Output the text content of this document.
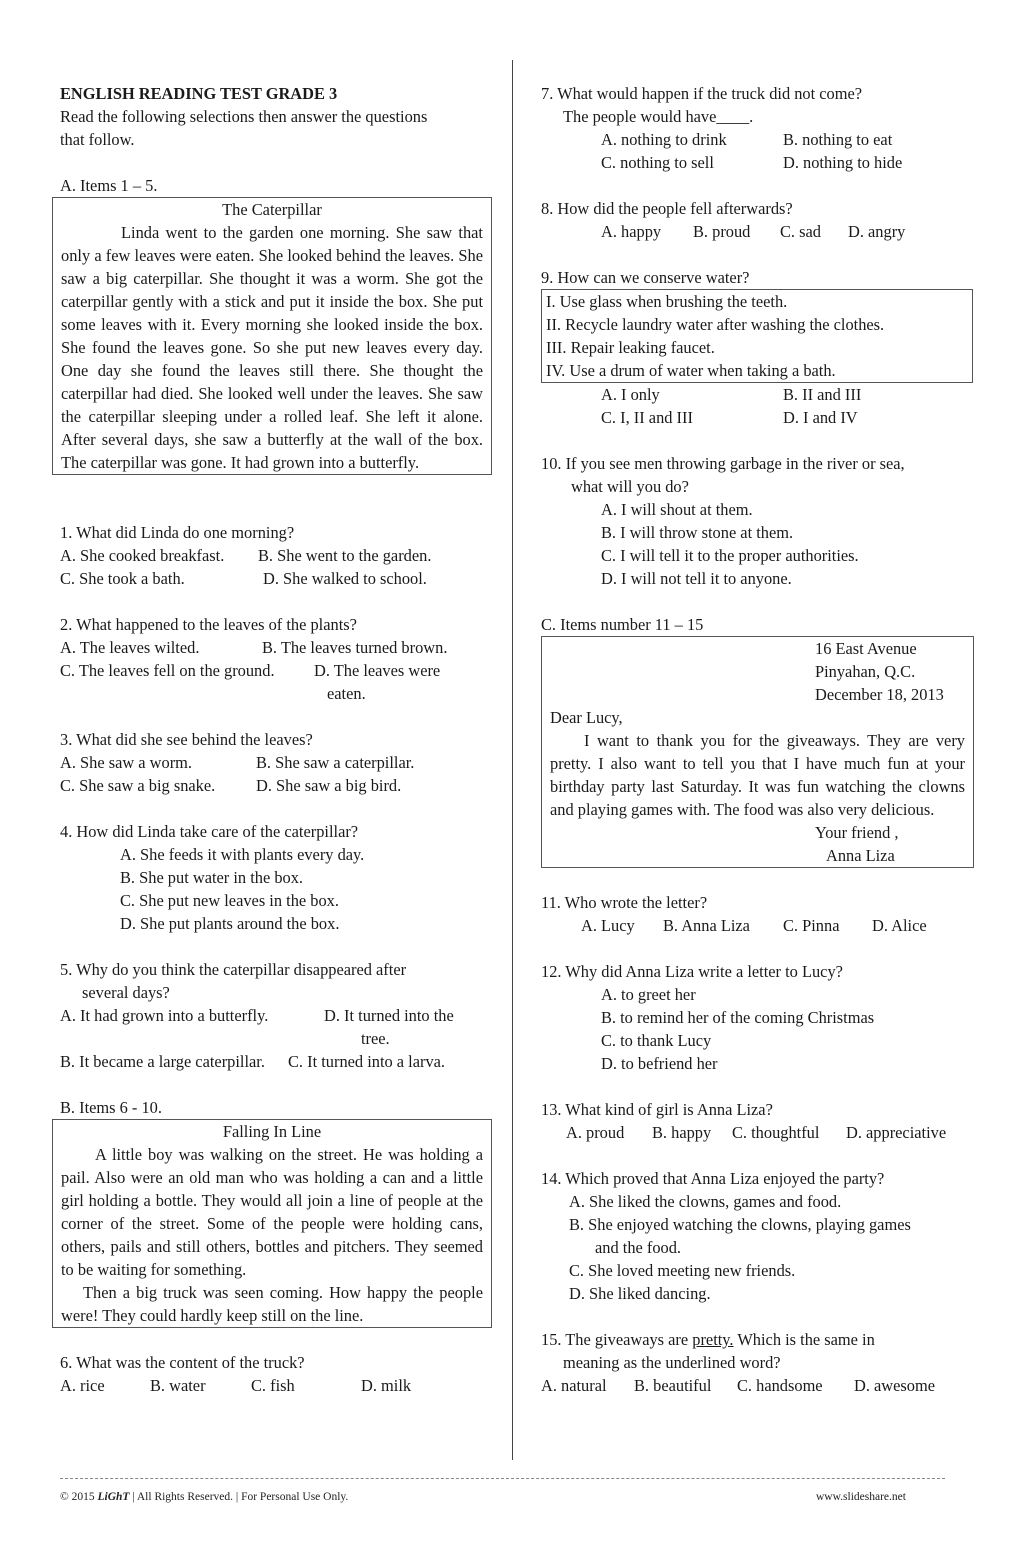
ENGLISH READING TEST GRADE 3
Read the following selections then answer the questions
that follow.
A. Items 1 – 5.
The Caterpillar
Linda went to the garden one morning. She saw that only a few leaves were eaten. She looked behind the leaves. She saw a big caterpillar. She thought it was a worm. She got the caterpillar gently with a stick and put it inside the box. She put some leaves with it. Every morning she looked inside the box. She found the leaves gone. So she put new leaves every day. One day she found the leaves still there. She thought the caterpillar had died. She looked well under the leaves. She saw the caterpillar sleeping under a rolled leaf. She left it alone. After several days, she saw a butterfly at the wall of the box. The caterpillar was gone. It had grown into a butterfly.
1. What did Linda do one morning?
A. She cooked breakfast.	B. She went to the garden.
C. She took a bath.	D. She walked to school.
2. What happened to the leaves of the plants?
A. The leaves wilted.	B. The leaves turned brown.
C. The leaves fell on the ground.	D. The leaves were
eaten.
3. What did she see behind the leaves?
A. She saw a worm.	B. She saw a caterpillar.
C. She saw a big snake.	D. She saw a big bird.
4. How did Linda take care of the caterpillar?
A. She feeds it with plants every day.
B. She put water in the box.
C. She put new leaves in the box.
D. She put plants around the box.
5. Why do you think the caterpillar disappeared after
several days?
A. It had grown into a butterfly.	D. It turned into the
tree.
B. It became a large caterpillar.	C. It turned into a larva.
B. Items 6 - 10.
Falling In Line
A little boy was walking on the street. He was holding a pail. Also were an old man who was holding a can and a little girl holding a bottle. They would all join a line of people at the corner of the street. Some of the people were holding cans, others, pails and still others, bottles and pitchers. They seemed to be waiting for something.
Then a big truck was seen coming. How happy the people were! They could hardly keep still on the line.
6. What was the content of the truck?
A. rice	B. water	C. fish	D. milk
7. What would happen if the truck did not come?
The people would have____.
A. nothing to drink	B. nothing to eat
C. nothing to sell	D. nothing to hide
8. How did the people fell afterwards?
A. happy	B. proud	C. sad	D. angry
9. How can we conserve water?
I. Use glass when brushing the teeth.
II. Recycle laundry water after washing the clothes.
III. Repair leaking faucet.
IV. Use a drum of water when taking a bath.
A. I only	B. II and III
C. I, II and III	D. I and IV
10. If you see men throwing garbage in the river or sea,
what will you do?
A. I will shout at them.
B. I will throw stone at them.
C. I will tell it to the proper authorities.
D. I will not tell it to anyone.
C. Items number 11 – 15
16 East Avenue
Pinyahan, Q.C.
December 18, 2013
Dear Lucy,
I want to thank you for the giveaways. They are very pretty. I also want to tell you that I have much fun at your birthday party last Saturday. It was fun watching the clowns and playing games with. The food was also very delicious.
Your friend ,
Anna Liza
11. Who wrote the letter?
A. Lucy	B. Anna Liza	C. Pinna	D. Alice
12. Why did Anna Liza write a letter to Lucy?
A. to greet her
B. to remind her of the coming Christmas
C. to thank Lucy
D. to befriend her
13. What kind of girl is Anna Liza?
A. proud	B. happy	C. thoughtful	D. appreciative
14. Which proved that Anna Liza enjoyed the party?
A. She liked the clowns, games and food.
B. She enjoyed watching the clowns, playing games
and the food.
C. She loved meeting new friends.
D. She liked dancing.
15. The giveaways are pretty. Which is the same in
meaning as the underlined word?
A. natural	B. beautiful	C. handsome	D. awesome
© 2015 LiGhT | All Rights Reserved. | For Personal Use Only.	www.slideshare.net
